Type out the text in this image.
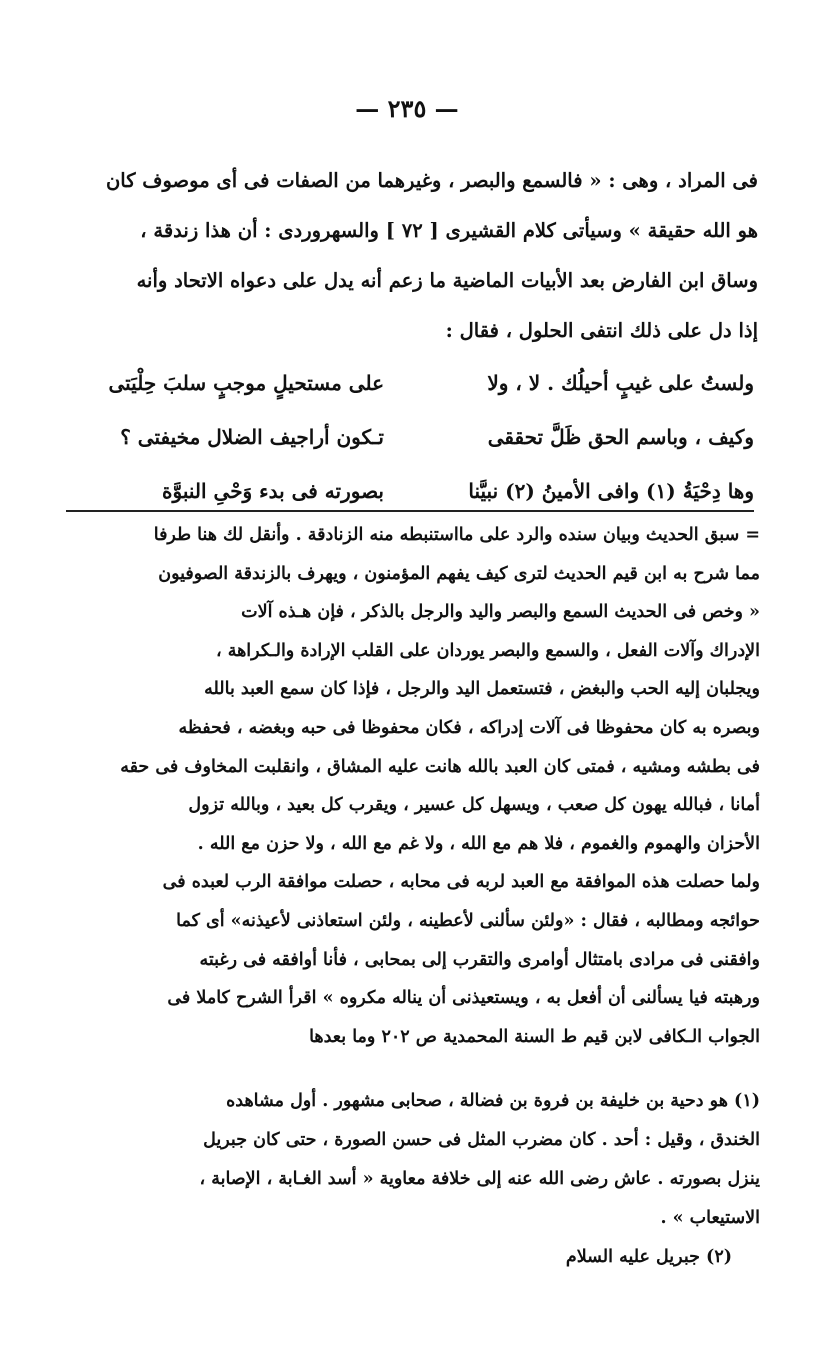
— ٢٣٥ —

فى المراد ، وهى : « فالسمع والبصر ، وغيرهما من الصفات فى أى موصوف كان

هو الله حقيقة » وسيأتى كلام القشيرى [ ٧٢ ] والسهروردى : أن هذا زندقة ،

وساق ابن الفارض بعد الأبيات الماضية ما زعم أنه يدل على دعواه الاتحاد وأنه

إذا دل على ذلك انتفى الحلول ، فقال :

ولستُ على غيبٍ أحيلُك . لا ، ولا
على مستحيلٍ موجبٍ سلبَ حِلْيَتى
وكيف ، وباسم الحق ظَلَّ تحققى
تـكون أراجيف الضلال مخيفتى ؟
وها دِحْيَةُ (١) وافى الأمينُ (٢) نبيَّنا
بصورته فى بدء وَحْىِ النبوَّة

= سبق الحديث وبيان سنده والرد على مااستنبطه منه الزنادقة . وأنقل لك هنا طرفا

مما شرح به ابن قيم الحديث لترى كيف يفهم المؤمنون ، ويهرف بالزندقة الصوفيون

« وخص فى الحديث السمع والبصر واليد والرجل بالذكر ، فإن هـذه آلات

الإدراك وآلات الفعل ، والسمع والبصر يوردان على القلب الإرادة والـكراهة ،

ويجلبان إليه الحب والبغض ، فتستعمل اليد والرجل ، فإذا كان سمع العبد بالله

وبصره به كان محفوظا فى آلات إدراكه ، فكان محفوظا فى حبه وبغضه ، فحفظه

فى بطشه ومشيه ، فمتى كان العبد بالله هانت عليه المشاق ، وانقلبت المخاوف فى حقه

أمانا ، فبالله يهون كل صعب ، ويسهل كل عسير ، ويقرب كل بعيد ، وبالله تزول

الأحزان والهموم والغموم ، فلا هم مع الله ، ولا غم مع الله ، ولا حزن مع الله .

ولما حصلت هذه الموافقة مع العبد لربه فى محابه ، حصلت موافقة الرب لعبده فى

حوائجه ومطالبه ، فقال : «ولئن سألنى لأعطينه ، ولئن استعاذنى لأعيذنه» أى كما

وافقنى فى مرادى بامتثال أوامرى والتقرب إلى بمحابى ، فأنا أوافقه فى رغبته

ورهبته فيا يسألنى أن أفعل به ، ويستعيذنى أن يناله مكروه » اقرأ الشرح كاملا فى

الجواب الـكافى لابن قيم ط السنة المحمدية ص ٢٠٢ وما بعدها

(١) هو دحية بن خليفة بن فروة بن فضالة ، صحابى مشهور . أول مشاهده

الخندق ، وقيل : أحد . كان مضرب المثل فى حسن الصورة ، حتى كان جبريل

ينزل بصورته . عاش رضى الله عنه إلى خلافة معاوية « أسد الغـابة ، الإصابة ،

الاستيعاب » .

(٢) جبريل عليه السلام
